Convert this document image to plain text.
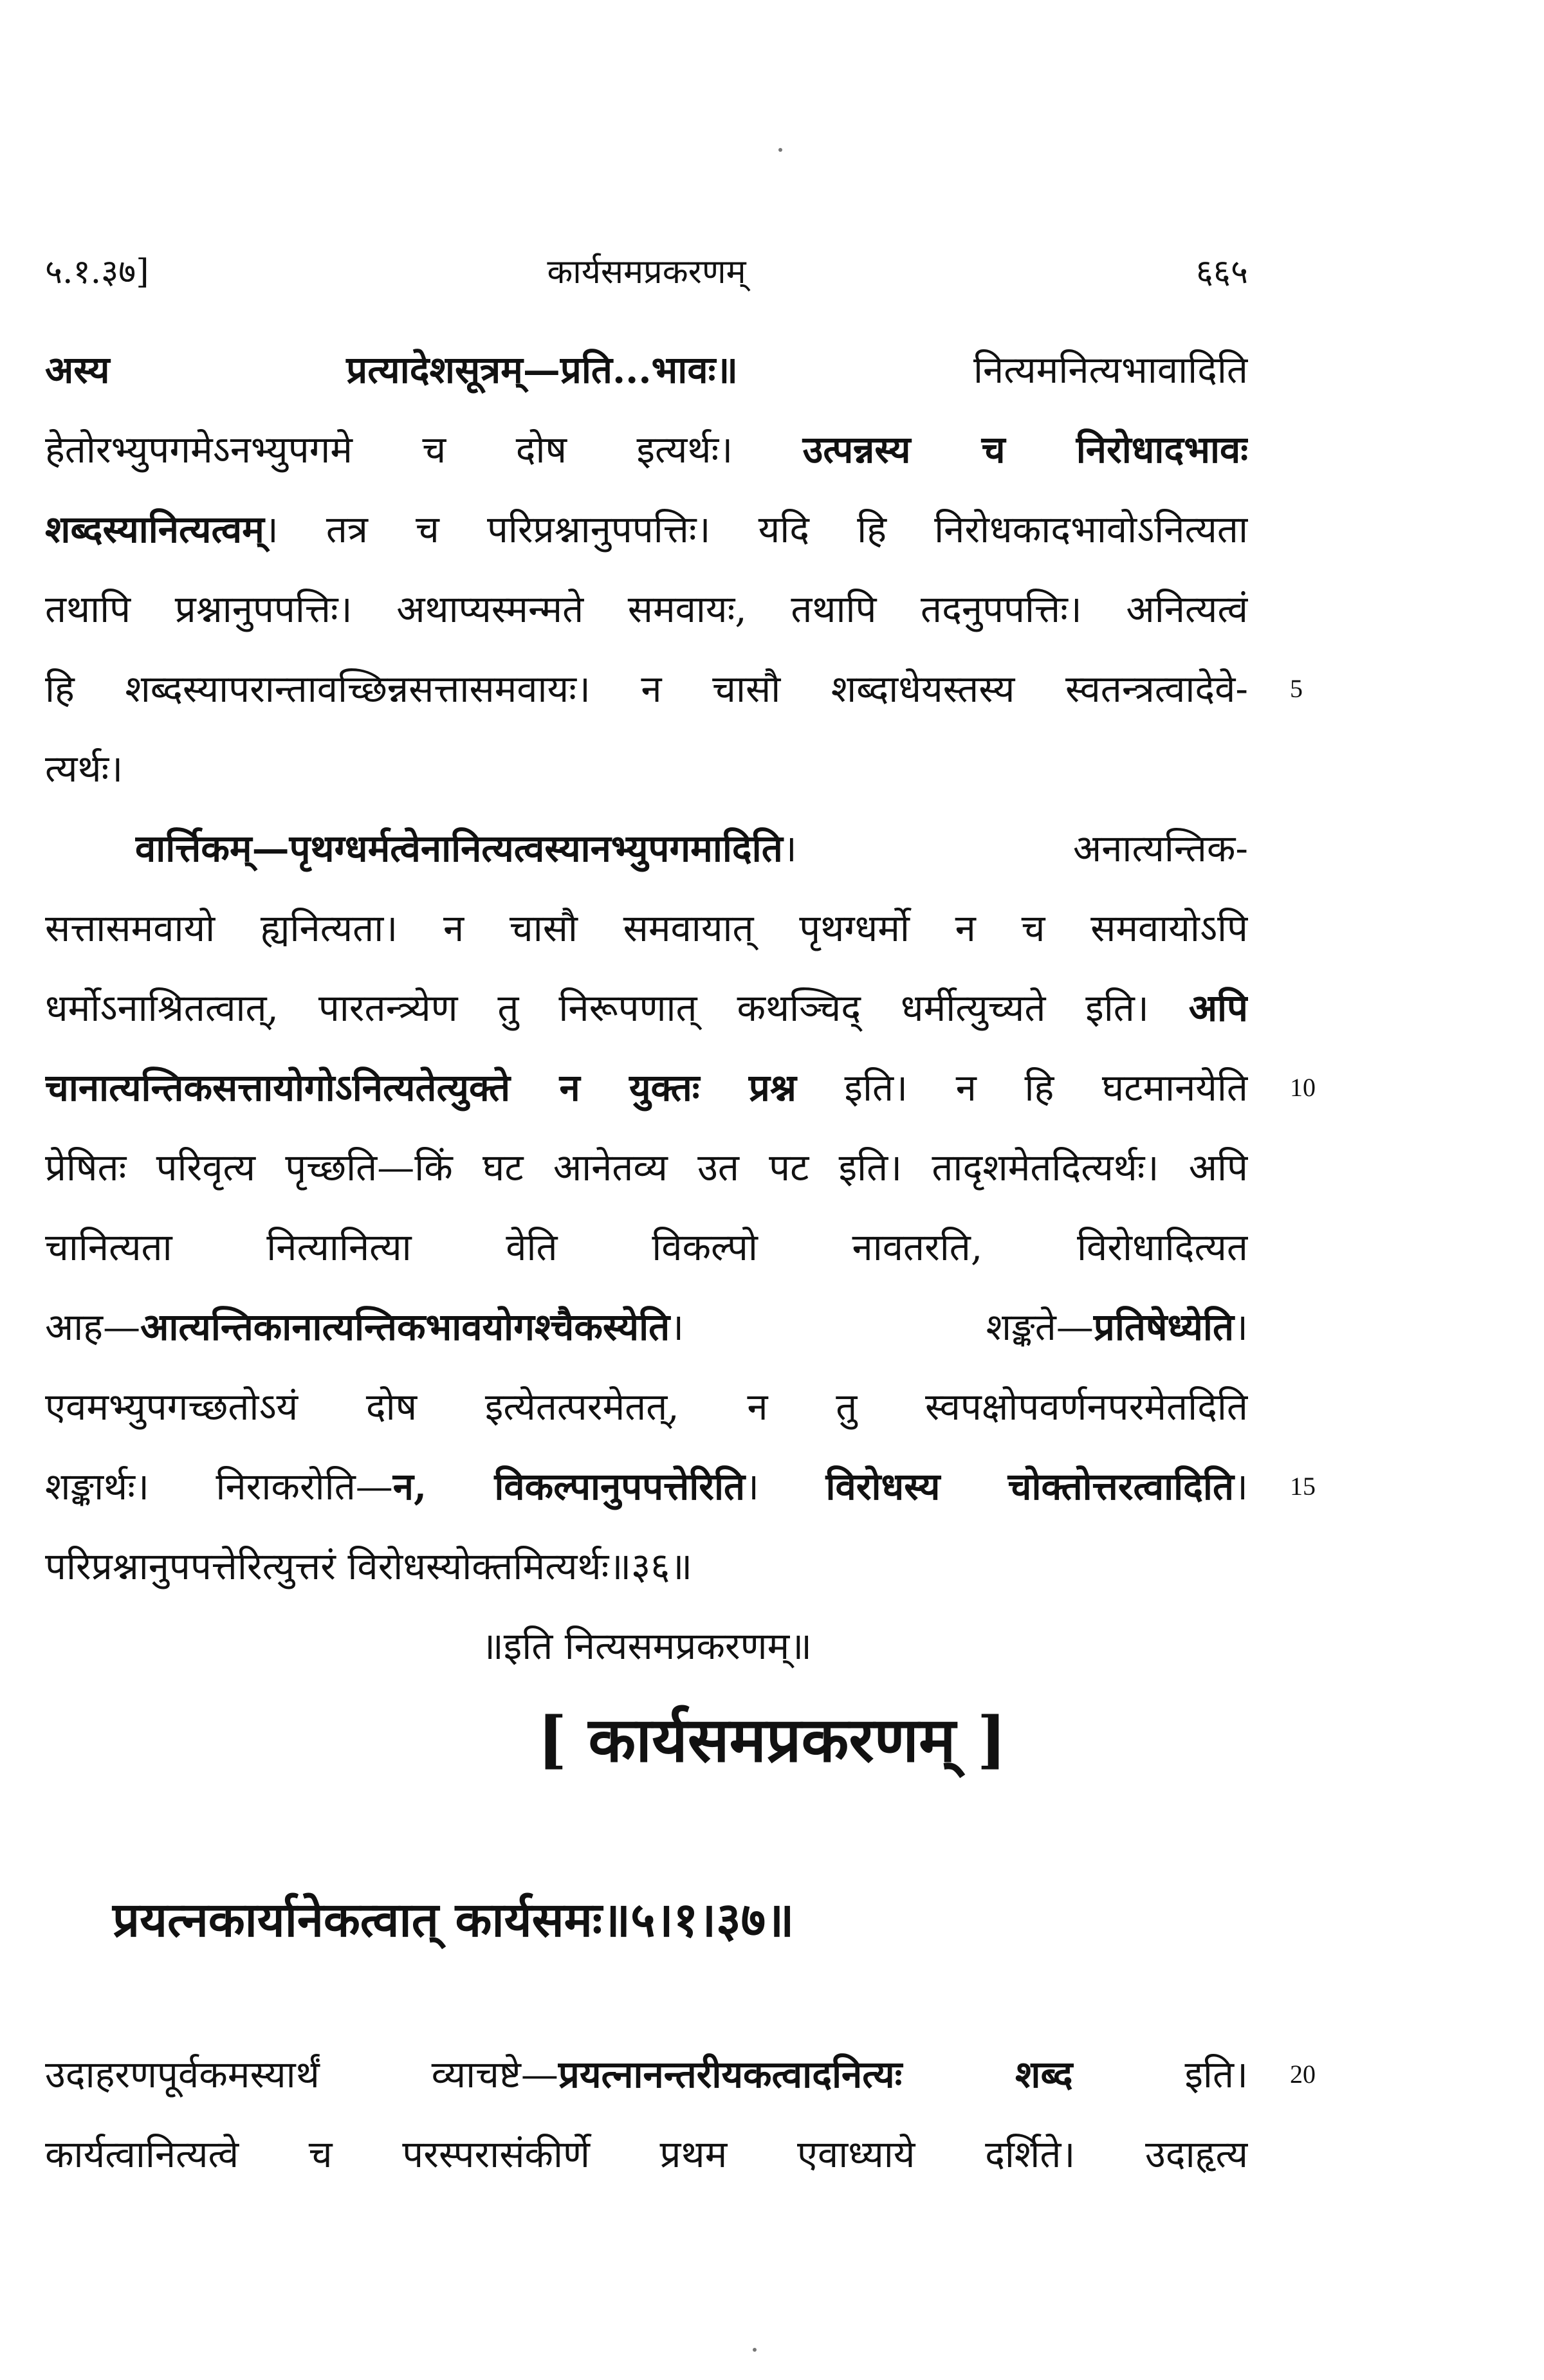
५.१.३७]	कार्यसमप्रकरणम्	६६५
अस्य प्रत्यादेशसूत्रम्—प्रति...भावः॥ नित्यमनित्यभावादिति
हेतोरभ्युपगमेऽनभ्युपगमे च दोष इत्यर्थः। उत्पन्नस्य च निरोधादभावः
शब्दस्यानित्यत्वम्। तत्र च परिप्रश्नानुपपत्तिः। यदि हि निरोधकादभावोऽनित्यता
तथापि प्रश्नानुपपत्तिः। अथाप्यस्मन्मते समवायः, तथापि तदनुपपत्तिः। अनित्यत्वं
हि शब्दस्यापरान्तावच्छिन्नसत्तासमवायः। न चासौ शब्दाधेयस्तस्य स्वतन्त्रत्वादेवे- 5
त्यर्थः।
वार्त्तिकम्—पृथग्धर्मत्वेनानित्यत्वस्यानभ्युपगमादिति। अनात्यन्तिक-
सत्तासमवायो ह्यनित्यता। न चासौ समवायात् पृथग्धर्मो न च समवायोऽपि
धर्मोऽनाश्रितत्वात्, पारतन्त्र्येण तु निरूपणात् कथञ्चिद् धर्मीत्युच्यते इति। अपि
चानात्यन्तिकसत्तायोगोऽनित्यतेत्युक्ते न युक्तः प्रश्न इति। न हि घटमानयेति 10
प्रेषितः परिवृत्य पृच्छति—किं घट आनेतव्य उत पट इति। तादृशमेतदित्यर्थः। अपि
चानित्यता नित्यानित्या वेति विकल्पो नावतरति, विरोधादित्यत
आह—आत्यन्तिकानात्यन्तिकभावयोगश्चैकस्येति। शङ्कते—प्रतिषेध्येति।
एवमभ्युपगच्छतोऽयं दोष इत्येतत्परमेतत्, न तु स्वपक्षोपवर्णनपरमेतदिति
शङ्कार्थः। निराकरोति—न, विकल्पानुपपत्तेरिति। विरोधस्य चोक्तोत्तरत्वादिति। 15
परिप्रश्नानुपपत्तेरित्युत्तरं विरोधस्योक्तमित्यर्थः॥३६॥
॥इति नित्यसमप्रकरणम्॥
[ कार्यसमप्रकरणम् ]
प्रयत्नकार्यानेकत्वात् कार्यसमः॥५।१।३७॥
उदाहरणपूर्वकमस्यार्थं व्याचष्टे—प्रयत्नानन्तरीयकत्वादनित्यः शब्द इति। 20
कार्यत्वानित्यत्वे च परस्परासंकीर्णे प्रथम एवाध्याये दर्शिते। उदाहृत्य
